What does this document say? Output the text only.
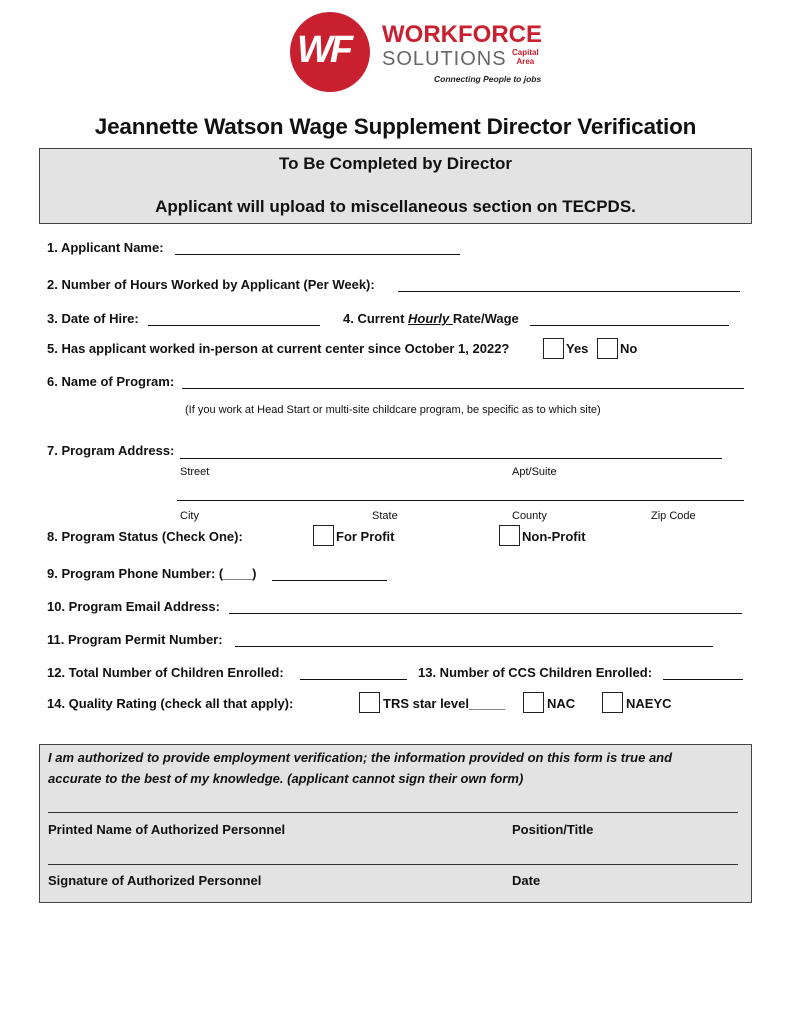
WF WORKFORCE
SOLUTIONS Capital
Area
Connecting People to jobs
Jeannette Watson Wage Supplement Director Verification
To Be Completed by Director
Applicant will upload to miscellaneous section on TECPDS.
1. Applicant Name:
2. Number of Hours Worked by Applicant (Per Week):
3. Date of Hire:	4. Current Hourly Rate/Wage
5. Has applicant worked in-person at current center since October 1, 2022?	Yes No
6. Name of Program:
(If you work at Head Start or multi-site childcare program, be specific as to which site)
7. Program Address:
Street	Apt/Suite
City	State	County	Zip Code
8. Program Status (Check One):	For Profit	Non-Profit
9. Program Phone Number: (____)
10. Program Email Address:
11. Program Permit Number:
12. Total Number of Children Enrolled:	13. Number of CCS Children Enrolled:
14. Quality Rating (check all that apply):	TRS star level_____	NAC	NAEYC
I am authorized to provide employment verification; the information provided on this form is true and
accurate to the best of my knowledge. (applicant cannot sign their own form)
Printed Name of Authorized Personnel	Position/Title
Signature of Authorized Personnel	Date
